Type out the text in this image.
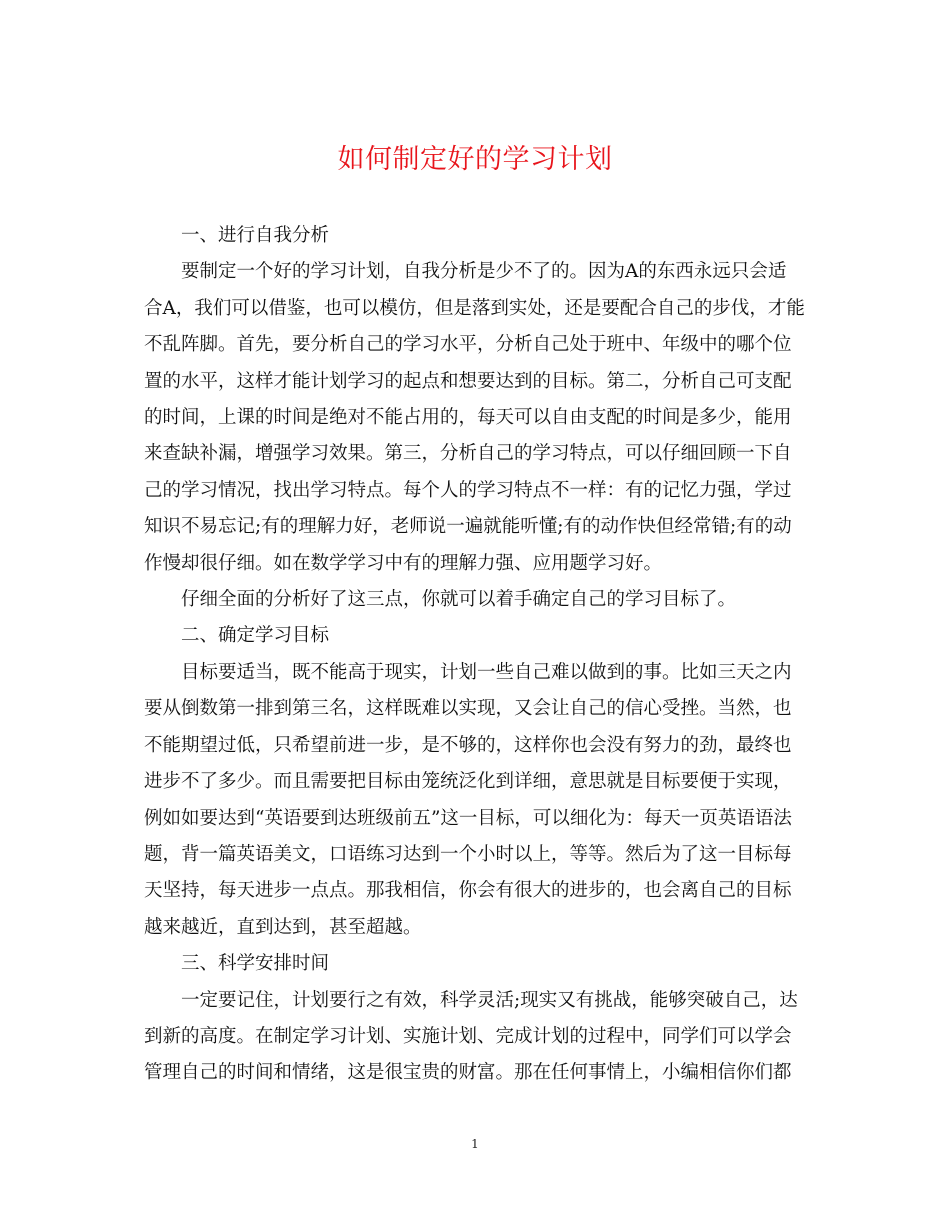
如何制定好的学习计划

一、进行自我分析

要制定一个好的学习计划，自我分析是少不了的。因为A的东西永远只会适
合A，我们可以借鉴，也可以模仿，但是落到实处，还是要配合自己的步伐，才能
不乱阵脚。首先，要分析自己的学习水平，分析自己处于班中、年级中的哪个位
置的水平，这样才能计划学习的起点和想要达到的目标。第二，分析自己可支配
的时间，上课的时间是绝对不能占用的，每天可以自由支配的时间是多少，能用
来查缺补漏，增强学习效果。第三，分析自己的学习特点，可以仔细回顾一下自
己的学习情况，找出学习特点。每个人的学习特点不一样：有的记忆力强，学过
知识不易忘记;有的理解力好，老师说一遍就能听懂;有的动作快但经常错;有的动
作慢却很仔细。如在数学学习中有的理解力强、应用题学习好。

仔细全面的分析好了这三点，你就可以着手确定自己的学习目标了。

二、确定学习目标

目标要适当，既不能高于现实，计划一些自己难以做到的事。比如三天之内
要从倒数第一排到第三名，这样既难以实现，又会让自己的信心受挫。当然，也
不能期望过低，只希望前进一步，是不够的，这样你也会没有努力的劲，最终也
进步不了多少。而且需要把目标由笼统泛化到详细，意思就是目标要便于实现，
例如如要达到“英语要到达班级前五”这一目标，可以细化为：每天一页英语语法
题，背一篇英语美文，口语练习达到一个小时以上，等等。然后为了这一目标每
天坚持，每天进步一点点。那我相信，你会有很大的进步的，也会离自己的目标
越来越近，直到达到，甚至超越。

三、科学安排时间

一定要记住，计划要行之有效，科学灵活;现实又有挑战，能够突破自己，达
到新的高度。在制定学习计划、实施计划、完成计划的过程中，同学们可以学会
管理自己的时间和情绪，这是很宝贵的财富。那在任何事情上，小编相信你们都

1
